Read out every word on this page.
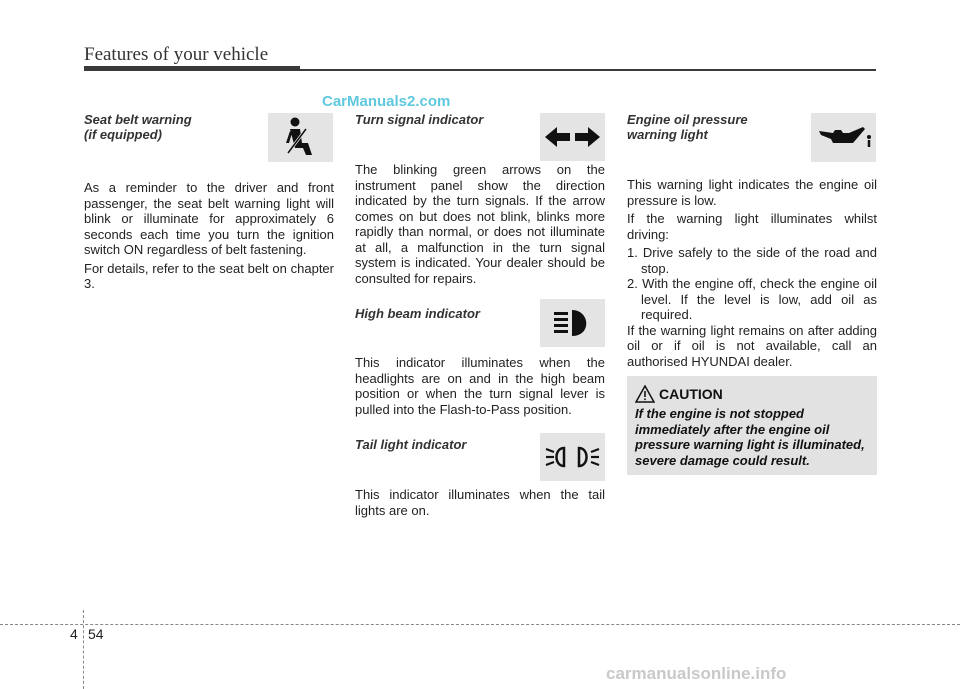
Features of your vehicle
CarManuals2.com

Seat belt warning
(if equipped)

As a reminder to the driver and front passenger, the seat belt warning light will blink or illuminate for approximately 6 seconds each time you turn the ignition switch ON regardless of belt fastening.

For details, refer to the seat belt on chapter 3.

Turn signal indicator

The blinking green arrows on the instrument panel show the direction indicated by the turn signals. If the arrow comes on but does not blink, blinks more rapidly than normal, or does not illuminate at all, a malfunction in the turn signal system is indicated. Your dealer should be consulted for repairs.

High beam indicator

This indicator illuminates when the headlights are on and in the high beam position or when the turn signal lever is pulled into the Flash-to-Pass position.

Tail light indicator

This indicator illuminates when the tail lights are on.

Engine oil pressure
warning light

This warning light indicates the engine oil pressure is low.

If the warning light illuminates whilst driving:

1. Drive safely to the side of the road and stop.

2. With the engine off, check the engine oil level. If the level is low, add oil as required.

If the warning light remains on after adding oil or if oil is not available, call an authorised HYUNDAI dealer.

CAUTION
If the engine is not stopped immediately after the engine oil pressure warning light is illuminated, severe damage could result.
4 54
carmanualsonline.info
